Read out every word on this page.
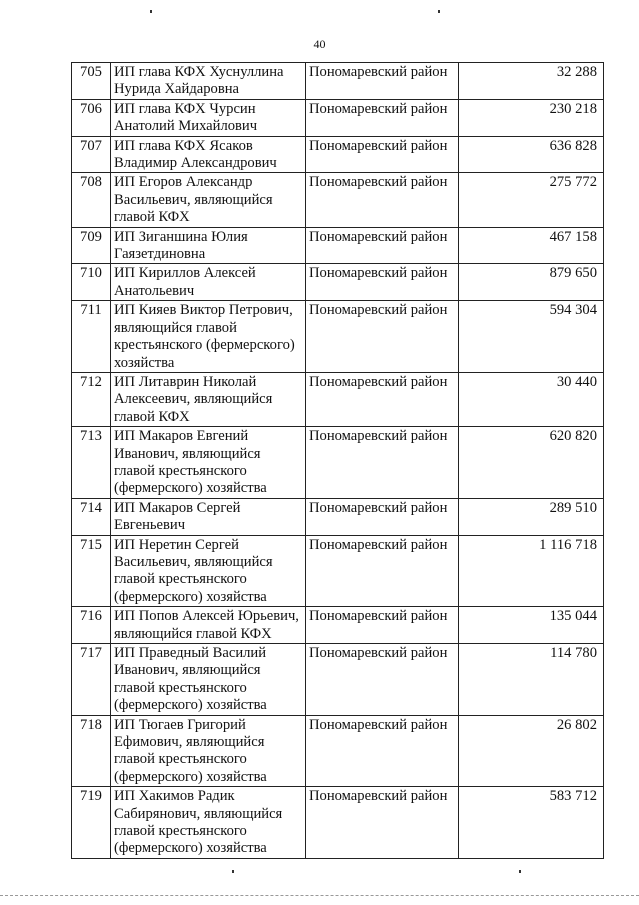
40
705	ИП глава КФХ Хуснуллина Нурида Хайдаровна	Пономаревский район	32 288
706	ИП глава КФХ Чурсин Анатолий Михайлович	Пономаревский район	230 218
707	ИП глава КФХ Ясаков Владимир Александрович	Пономаревский район	636 828
708	ИП Егоров Александр Васильевич, являющийся главой КФХ	Пономаревский район	275 772
709	ИП Зиганшина Юлия Гаязетдиновна	Пономаревский район	467 158
710	ИП Кириллов Алексей Анатольевич	Пономаревский район	879 650
711	ИП Кияев Виктор Петрович, являющийся главой крестьянского (фермерского) хозяйства	Пономаревский район	594 304
712	ИП Литаврин Николай Алексеевич, являющийся главой КФХ	Пономаревский район	30 440
713	ИП Макаров Евгений Иванович, являющийся главой крестьянского (фермерского) хозяйства	Пономаревский район	620 820
714	ИП Макаров Сергей Евгеньевич	Пономаревский район	289 510
715	ИП Неретин Сергей Васильевич, являющийся главой крестьянского (фермерского) хозяйства	Пономаревский район	1 116 718
716	ИП Попов Алексей Юрьевич, являющийся главой КФХ	Пономаревский район	135 044
717	ИП Праведный Василий Иванович, являющийся главой крестьянского (фермерского) хозяйства	Пономаревский район	114 780
718	ИП Тюгаев Григорий Ефимович, являющийся главой крестьянского (фермерского) хозяйства	Пономаревский район	26 802
719	ИП Хакимов Радик Сабирянович, являющийся главой крестьянского (фермерского) хозяйства	Пономаревский район	583 712
